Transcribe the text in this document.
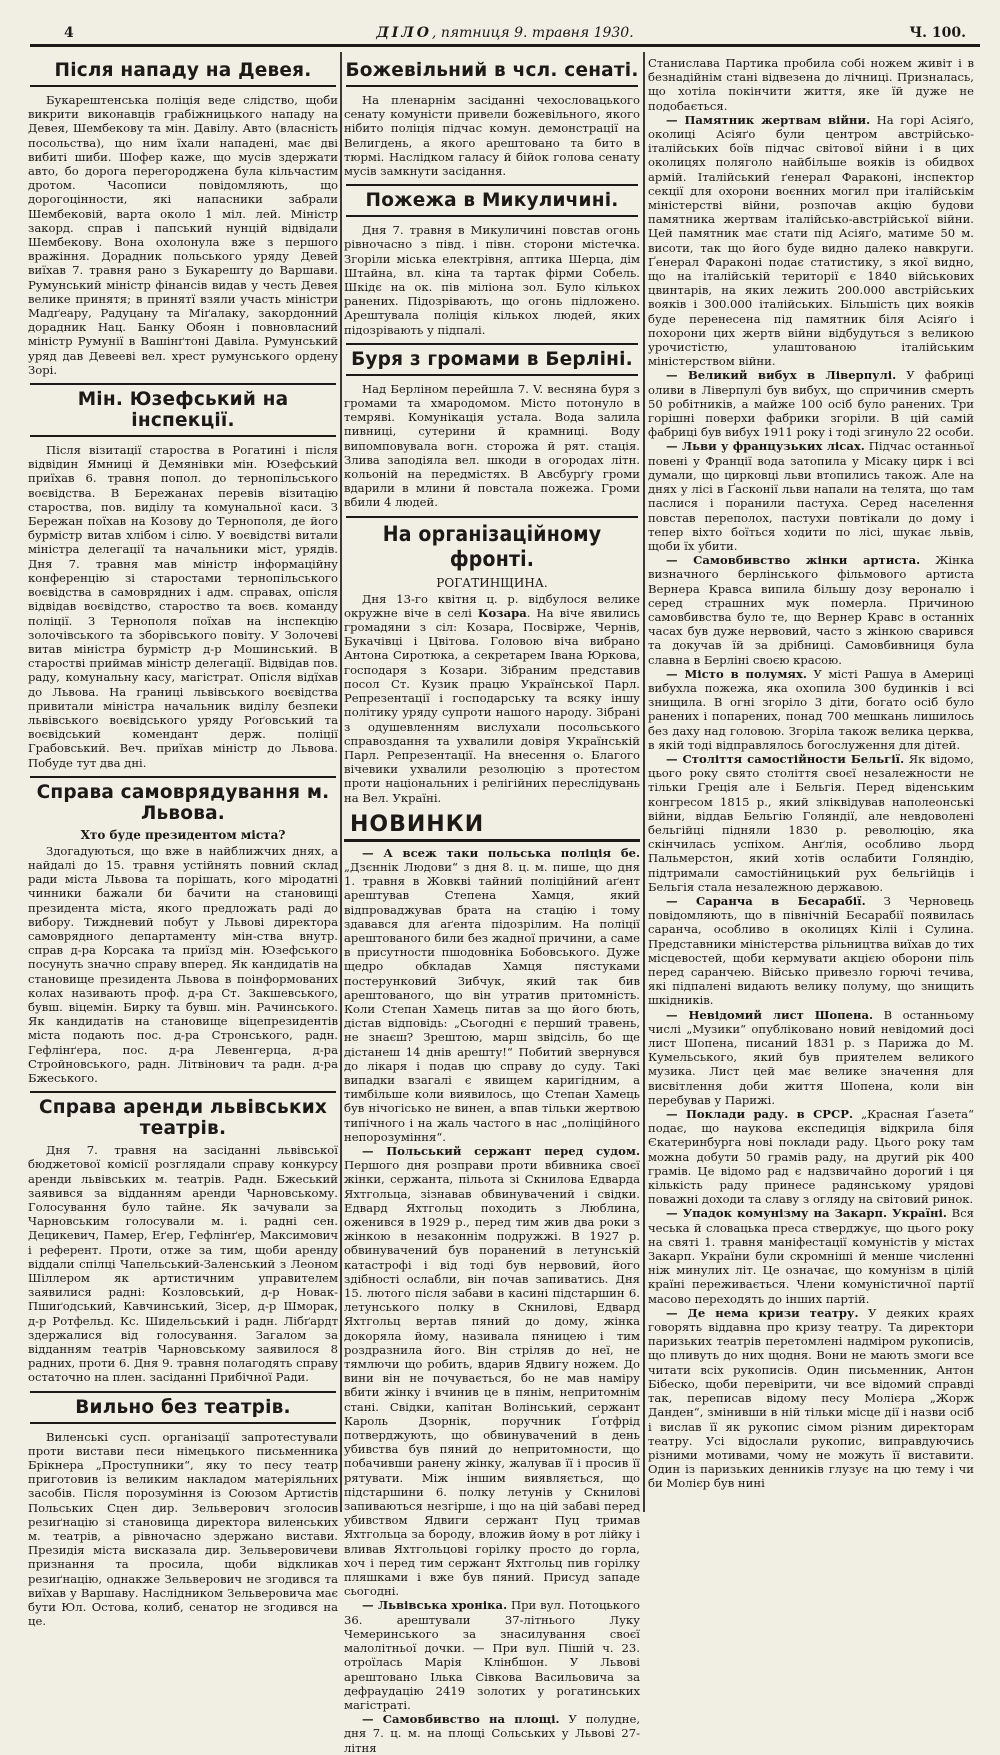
4	ДІЛО, пятниця 9. травня 1930.	Ч. 100.
Після нападу на Девея.

Букарештенська поліція веде слідство, щоби викрити виконавців грабіжницького нападу на Девея, Шембекову та мін. Давілу. Авто (власність посольства), що ним їхали нападені, має дві вибиті шиби. Шофер каже, що мусів здержати авто, бо дорога перегороджена була кільчастим дротом. Часописи повідомляють, що дорогоцінности, які напасники забрали Шембековій, варта около 1 міл. лей. Міністр закорд. справ і папський нунцій відвідали Шембекову. Вона охолонула вже з першого вражіння. Дорадник польського уряду Девей виїхав 7. травня рано з Букарешту до Варшави. Румунський міністр фінансів видав у честь Девея велике принятя; в принятї взяли участь міністри Мадґеару, Радуцану та Міґалаку, закордонний дорадник Нац. Банку Обоян і повновласний міністр Румунії в Вашінґтоні Давіла. Румунський уряд дав Девееві вел. хрест румунського ордену Зорі.

Мін. Юзефський на інспекції.

Після візитації староства в Рогатині і після відвідин Ямниці й Демянівки мін. Юзефський приїхав 6. травня попол. до тернопільського воєвідства. В Бережанах перевів візитацію староства, пов. виділу та комунальної каси. З Бережан поїхав на Козову до Тернополя, де його бурмістр витав хлібом і сілю. У воєвідстві витали міністра делегації та начальники міст, урядів. Дня 7. травня мав міністр інформаційну конференцію зі старостами тернопільського воєвідства в самоврядних і адм. справах, опісля відвідав воєвідство, староство та воєв. команду поліції. З Тернополя поїхав на інспекцію золочівського та зборівського повіту. У Золочеві витав міністра бурмістр д-р Мошинський. В старостві приймав міністр делегації. Відвідав пов. раду, комунальну касу, магістрат. Опісля відїхав до Львова. На границі львівського воєвідства привитали міністра начальник виділу безпеки львівського воєвідського уряду Роґовський та воєвідський комендант держ. поліції Грабовський. Веч. приїхав міністр до Львова. Побуде тут два дні.

Справа самоврядування м. Львова.
Хто буде президентом міста?

Здогадуються, що вже в найближчих днях, а найдалі до 15. травня устійнять повний склад ради міста Львова та порішать, кого міродатні чинники бажали би бачити на становищі президента міста, якого предложать раді до вибору. Тиждневий побут у Львові директора самоврядного департаменту мін-ства внутр. справ д-ра Корсака та приїзд мін. Юзефського посунуть значно справу вперед. Як кандидатів на становище президента Львова в поінформованих колах називають проф. д-ра Ст. Закшевського, бувш. віцемін. Бирку та бувш. мін. Рачинського. Як кандидатів на становище віцепрезидентів міста подають пос. д-ра Стронського, радн. Гефлінґера, пос. д-ра Левенгерца, д-ра Стройновського, радн. Літвінович та радн. д-ра Бжеського.

Справа аренди львівських театрів.

Дня 7. травня на засіданні львівської бюджетової комісії розглядали справу конкурсу аренди львівських м. театрів. Радн. Бжеський заявився за відданням аренди Чарновському. Голосування було тайне. Як зачували за Чарновським голосували м. і. радні сен. Децикевич, Памер, Еґер, Гефлінґер, Максимович і референт. Проти, отже за тим, щоби аренду віддали спілці Чапельський-Заленський з Леоном Шіллером як артистичним управителем заявилися радні: Козловський, д-р Новак-Пшиґодський, Кавчинський, Зісер, д-р Шморак, д-р Ротфельд. Кс. Шидельський і радн. Лібґардт здержалися від голосування. Загалом за відданням театрів Чарновському заявилося 8 радних, проти 6. Дня 9. травня полагодять справу остаточно на плен. засіданні Прибічної Ради.

Вильно без театрів.

Виленські сусп. організації запротестували проти вистави песи німецького письменника Брікнера „Проступники“, яку то песу театр приготовив із великим накладом матеріяльних засобів. Після порозуміння із Союзом Артистів Польських Сцен дир. Зельверович зголосив резиґнацію зі становища директора виленських м. театрів, а рівночасно здержано вистави. Президія міста висказала дир. Зельверовичеви признання та просила, щоби відкликав резиґнацію, однакже Зельверович не згодився та виїхав у Варшаву. Наслідником Зельверовича має бути Юл. Остова, колиб, сенатор не згодився на це.

Божевільний в чсл. сенаті.

На пленарнім засіданні чехословацького сенату комуністи привели божевільного, якого нібито поліція підчас комун. демонстрації на Велигдень, а якого арештовано та бито в тюрмі. Наслідком галасу й бійок голова сенату мусів замкнути засідання.

Пожежа в Микуличині.

Дня 7. травня в Микуличині повстав огонь рівночасно з півд. і півн. сторони містечка. Згоріли міська електрівня, аптика Шерца, дім Штайна, вл. кіна та тартак фірми Собель. Шкідє на ок. пів міліона зол. Було кількох ранених. Підозрівають, що огонь підложено. Арештувала поліція кількох людей, яких підозрівають у підпалі.

Буря з громами в Берліні.

Над Берліном перейшла 7. V. весняна буря з громами та хмародомом. Місто потонуло в темряві. Комунікація устала. Вода залила пивниці, сутерини й крамниці. Воду випомповувала вогн. сторожа й рят. стація. Злива заподіяла вел. шкоди в огородах літн. кольоній на передмістях. В Авсбурґу громи вдарили в млини й повстала пожежа. Громи вбили 4 людей.

На організаційному фронті.
РОГАТИНЩИНА.

Дня 13-го квітня ц. р. відбулося велике окружне віче в селі Козара. На віче явились громадяни з сіл: Козара, Посвірже, Чернів, Букачівці і Цвітова. Головою віча вибрано Антона Сиротюка, а секретарем Івана Юркова, господаря з Козари. Зібраним представив посол Ст. Кузик працю Української Парл. Репрезентації і господарську та всяку іншу політику уряду супроти нашого народу. Зібрані з одушевленням вислухали посольського справоздання та ухвалили довіря Українській Парл. Репрезентації. На внесення о. Благого вічевики ухвалили резолюцію з протестом проти національних і релігійних переслідувань на Вел. Україні.

НОВИНКИ

— А всеж таки польська поліція бе. „Дзєннік Людови“ з дня 8. ц. м. пише, що дня 1. травня в Жовкві тайний поліційний аґент арештував Степена Хамця, який відпроваджував брата на стацію і тому здавався для аґента підозрілим. На поліції арештованого били без жадної причини, а саме в присутности пшодовніка Бобовського. Дуже щедро обкладав Хамця пястуками постерунковий Зибчук, який так бив арештованого, що він утратив притомність. Коли Степан Хамець питав за що його бють, дістав відповідь: „Сьогодні є перший травень, не знаєш? Зрештою, марш звідсіль, бо ще дістанеш 14 днів арешту!“ Побитий звернувся до лікаря і подав цю справу до суду. Такі випадки взагалі є явищем каригідним, а тимбільше коли виявилось, що Степан Хамець був нічогісько не винен, а впав тільки жертвою типічного і на жаль частого в нас „поліційного непорозуміння“.

— Польський сержант перед судом. Першого дня розправи проти вбивника своєї жінки, сержанта, пільота зі Скнилова Едварда Яхтгольца, зізнавав обвинувачений і свідки. Едвард Яхтгольц походить з Люблина, оженився в 1929 р., перед тим жив два роки з жінкою в незаконнім подружжі. В 1927 р. обвинувачений був поранений в летунській катастрофі і від тоді був нервовий, його здібності ослабли, він почав запиватись. Дня 15. лютого після забави в касині підстаршин 6. летунського полку в Скнилові, Едвард Яхтгольц вертав пяний до дому, жінка докоряла йому, називала пяницею і тим роздразнила його. Він стріляв до неї, не тямлючи що робить, вдарив Ядвигу ножем. До вини він не почувається, бо не мав наміру вбити жінку і вчинив це в пянім, непритомнім стані. Свідки, капітан Волінський, сержант Кароль Дзорнік, поручник Ґотфрід потверджують, що обвинувачений в день убивства був пяний до непритомности, що побачивши ранену жінку, жалував її і просив її рятувати. Між іншим виявляється, що підстаршини 6. полку летунів у Скнилові запиваються незгірше, і що на цій забаві перед убивством Ядвиги сержант Пуц тримав Яхтгольца за бороду, вложив йому в рот лійку і вливав Яхтгольцові горілку просто до горла, хоч і перед тим сержант Яхтгольц пив горілку пляшками і вже був пяний. Присуд западе сьогодні.

— Львівська хроніка. При вул. Потоцького 36. арештували 37-літнього Луку Чемеринського за знасилування своєї малолітньої дочки. — При вул. Пішій ч. 23. отроїлась Марія Клінбшон. У Львові арештовано Ілька Сівкова Васильовича за дефраудацію 2419 золотих у рогатинських магістраті.

— Самовбивство на площі. У полудне, дня 7. ц. м. на площі Сольських у Львові 27-літня

Станислава Партика пробила собі ножем живіт і в безнадійнім стані відвезена до лічниці. Призналась, що хотіла покінчити життя, яке їй дуже не подобається.

— Памятник жертвам війни. На горі Асіяґо, околиці Асіяґо були центром австрійсько-італійських боїв підчас світової війни і в цих околицях поляголо найбільше вояків із обидвох армій. Італійський ґенерал Фараконі, інспектор секції для охорони воєнних могил при італійськім міністерстві війни, розпочав акцію будови памятника жертвам італійсько-австрійської війни. Цей памятник має стати під Асіяґо, матиме 50 м. висоти, так що його буде видно далеко навкруги. Ґенерал Фараконі подає статистику, з якої видно, що на італійській території є 1840 військових цвинтарів, на яких лежить 200.000 австрійських вояків і 300.000 італійських. Більшість цих вояків буде перенесена під памятник біля Асіяґо і похорони цих жертв війни відбудуться з великою урочистістю, улаштованою італійським міністерством війни.

— Великий вибух в Ліверпулі. У фабриці оливи в Ліверпулі був вибух, що спричинив смерть 50 робітників, а майже 100 осіб було ранених. Три горішні поверхи фабрики згоріли. В цій самій фабриці був вибух 1911 року і тоді згинуло 22 особи.

— Льви у французьких лісах. Підчас останньої повені у Франції вода затопила у Місаку цирк і всі думали, що цирковці льви втопились також. Але на днях у лісі в Ґасконії льви напали на телята, що там паслися і поранили пастуха. Серед населення повстав переполох, пастухи повтікали до дому і тепер віхто боїться ходити по лісі, шукає львів, щоби їх убити.

— Самовбивство жінки артиста. Жінка визначного берлінського фільмового артиста Вернера Кравса випила більшу дозу вероналю і серед страшних мук померла. Причиною самовбивства було те, що Вернер Кравс в останніх часах був дуже нервовий, часто з жінкою сварився та докучав їй за дрібниці. Самовбивниця була славна в Берліні своєю красою.

— Місто в полумях. У місті Рашуа в Америці вибухла пожежа, яка охопила 300 будинків і всі знищила. В огні згоріло 3 діти, богато осіб було ранених і попарених, понад 700 мешкань лишилось без даху над головою. Згоріла також велика церква, в якій тоді відправлялось богослуження для дітей.

— Століття самостійности Бельгії. Як відомо, цього року свято століття своєї незалежности не тільки Греція але і Бельгія. Перед віденським конгресом 1815 р., який зліквідував наполеонські війни, віддав Бельгію Голяндії, але невдоволені бельгійці підняли 1830 р. революцію, яка скінчилась успіхом. Анґлія, особливо льорд Пальмерстон, який хотів ослабити Голяндію, підтримали самостійницький рух бельгійців і Бельгія стала незалежною державою.

— Саранча в Бесарабії. З Черновець повідомляють, що в північній Бесарабії появилась саранча, особливо в околицях Кіліі і Сулина. Представники міністерства рільництва виїхав до тих місцевостей, щоби кермувати акцією оборони піль перед саранчею. Військо привезло горючі течива, які підпалені видають велику полуму, що знищить шкідників.

— Невідомий лист Шопена. В останньому числі „Музики“ опубліковано новий невідомий досі лист Шопена, писаний 1831 р. з Парижа до М. Кумельського, який був приятелем великого музика. Лист цей має велике значення для висвітлення доби життя Шопена, коли він перебував у Парижі.

— Поклади раду. в СРСР. „Красная Ґазета“ подає, що наукова експедиція відкрила біля Єкатеринбурга нові поклади раду. Цього року там можна добути 50 грамів раду, на другий рік 400 грамів. Це відомо рад є надзвичайно дорогий і ця кількість раду принесе радянському урядові поважні доходи та славу з огляду на світовий ринок.

— Упадок комунізму на Закарп. Україні. Вся чеська й словацька преса стверджує, що цього року на святі 1. травня маніфестації комуністів у містах Закарп. України були скромніші й менше численні ніж минулих літ. Це означає, що комунізм в цілій країні переживається. Члени комуністичної партії масово переходять до інших партій.

— Де нема кризи театру. У деяких краях говорять віддавна про кризу театру. Та директори паризьких театрів перетомлені надміром рукописів, що пливуть до них щодня. Вони не мають змоги все читати всіх рукописів. Один письменник, Антон Бібеско, щоби перевірити, чи все відомий справді так, переписав відому песу Молієра „Жорж Данден“, змінивши в ній тільки місце дії і назви осіб і вислав її як рукопис сімом різним директорам театру. Усі відослали рукопис, виправдуючись різними мотивами, чому не можуть її виставити. Один із паризьких денників глузує на цю тему і чи би Молієр був нині
